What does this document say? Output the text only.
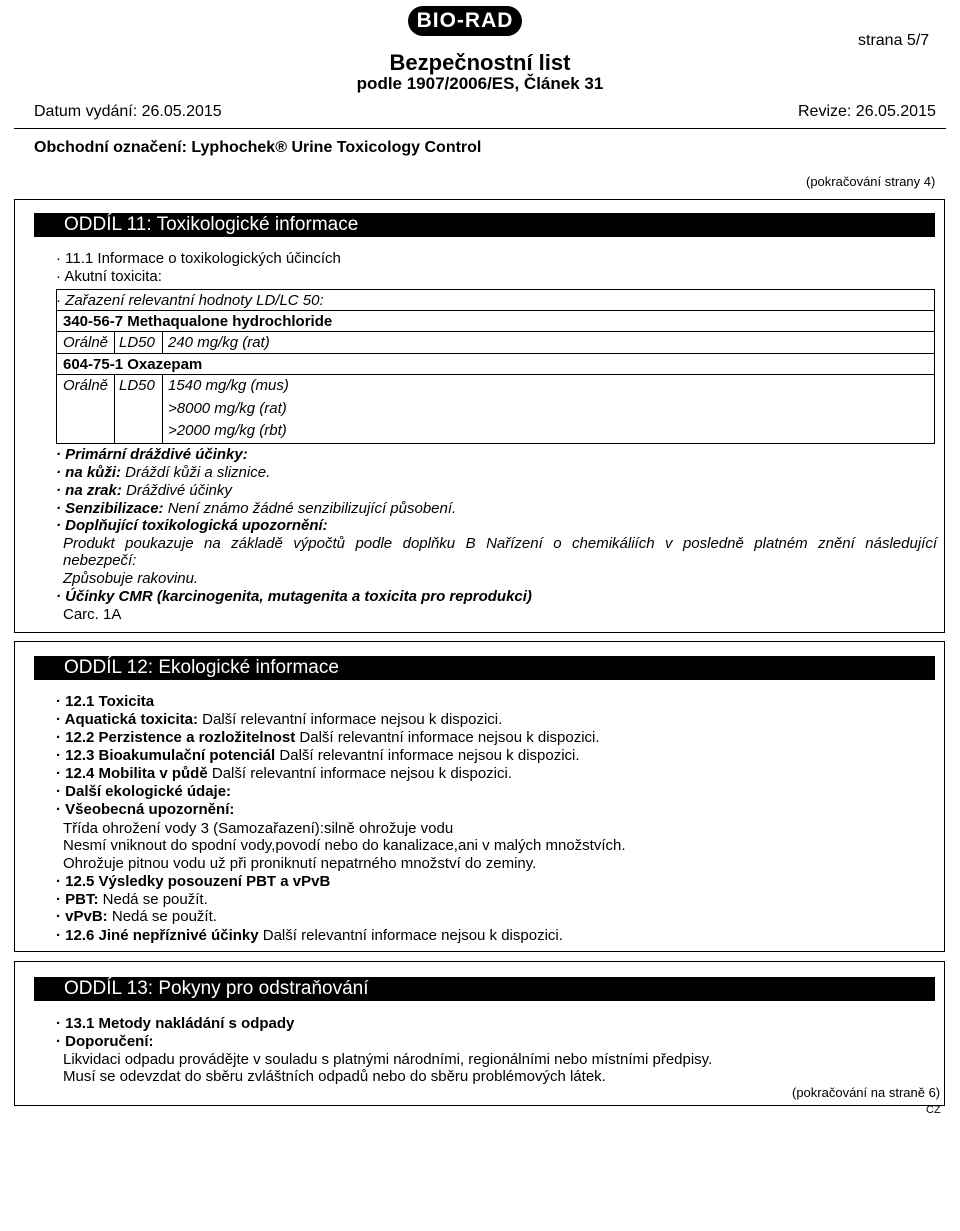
BIO-RAD
strana 5/7
Bezpečnostní list
podle 1907/2006/ES, Článek 31
Datum vydání: 26.05.2015	Revize: 26.05.2015
Obchodní označení: Lyphochek® Urine Toxicology Control
(pokračování strany 4)
ODDÍL 11: Toxikologické informace
· 11.1 Informace o toxikologických účincích
· Akutní toxicita:
· Zařazení relevantní hodnoty LD/LC 50:
340-56-7 Methaqualone hydrochloride
Orálně LD50 240 mg/kg (rat)
604-75-1 Oxazepam
Orálně LD50 1540 mg/kg (mus)
>8000 mg/kg (rat)
>2000 mg/kg (rbt)
· Primární dráždivé účinky:
· na kůži: Dráždí kůži a sliznice.
· na zrak: Dráždivé účinky
· Senzibilizace: Není známo žádné senzibilizující působení.
· Doplňující toxikologická upozornění:
Produkt poukazuje na základě výpočtů podle doplňku B Nařízení o chemikáliích v posledně platném znění následující
nebezpečí:
Způsobuje rakovinu.
· Účinky CMR (karcinogenita, mutagenita a toxicita pro reprodukci)
Carc. 1A
ODDÍL 12: Ekologické informace
· 12.1 Toxicita
· Aquatická toxicita: Další relevantní informace nejsou k dispozici.
· 12.2 Perzistence a rozložitelnost Další relevantní informace nejsou k dispozici.
· 12.3 Bioakumulační potenciál Další relevantní informace nejsou k dispozici.
· 12.4 Mobilita v půdě Další relevantní informace nejsou k dispozici.
· Další ekologické údaje:
· Všeobecná upozornění:
Třída ohrožení vody 3 (Samozařazení):silně ohrožuje vodu
Nesmí vniknout do spodní vody,povodí nebo do kanalizace,ani v malých množstvích.
Ohrožuje pitnou vodu už při proniknutí nepatrného množství do zeminy.
· 12.5 Výsledky posouzení PBT a vPvB
· PBT: Nedá se použít.
· vPvB: Nedá se použít.
· 12.6 Jiné nepříznivé účinky Další relevantní informace nejsou k dispozici.
ODDÍL 13: Pokyny pro odstraňování
· 13.1 Metody nakládání s odpady
· Doporučení:
Likvidaci odpadu provádějte v souladu s platnými národními, regionálními nebo místními předpisy.
Musí se odevzdat do sběru zvláštních odpadů nebo do sběru problémových látek.
(pokračování na straně 6)
CZ
